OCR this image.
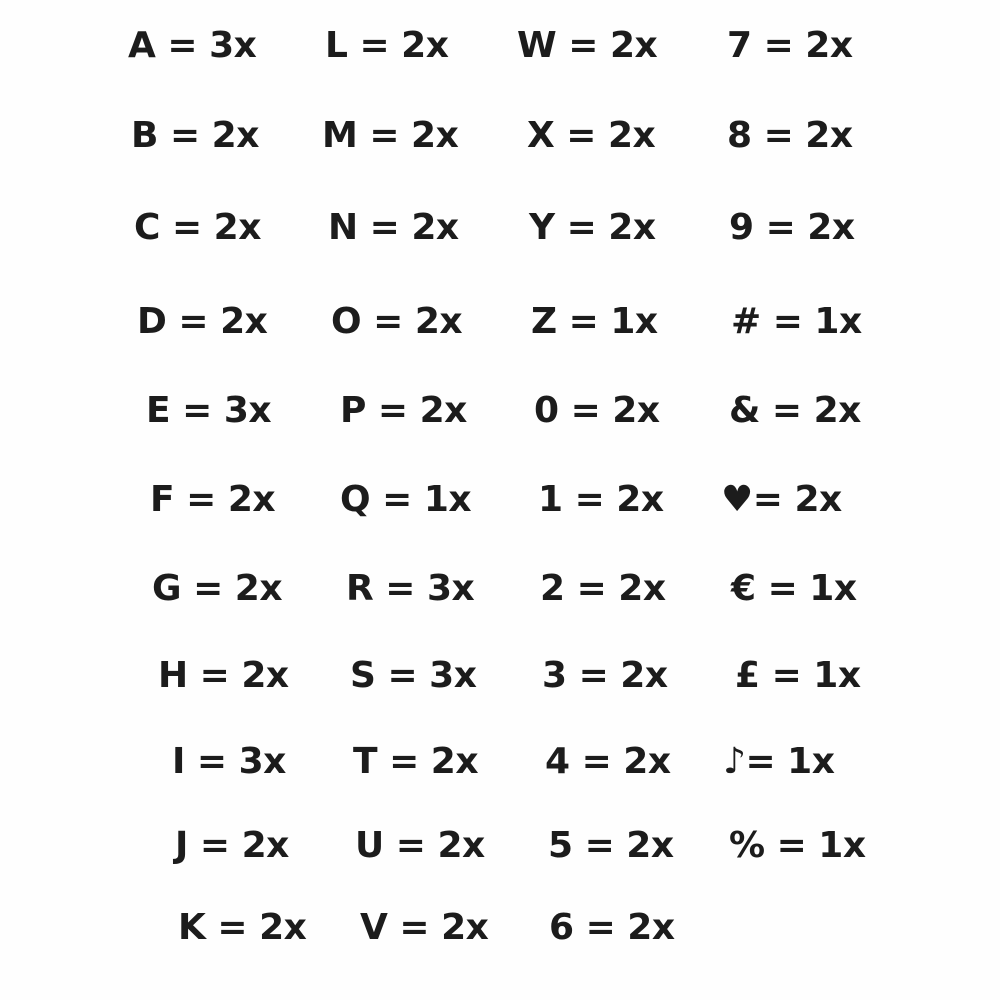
A = 3x
B = 2x
C = 2x
D = 2x
E = 3x
F = 2x
G = 2x
H = 2x
I = 3x
J = 2x
K = 2x
L = 2x
M = 2x
N = 2x
O = 2x
P = 2x
Q = 1x
R = 3x
S = 3x
T = 2x
U = 2x
V = 2x
W = 2x
X = 2x
Y = 2x
Z = 1x
0 = 2x
1 = 2x
2 = 2x
3 = 2x
4 = 2x
5 = 2x
6 = 2x
7 = 2x
8 = 2x
9 = 2x
# = 1x
& = 2x
♥= 2x
€ = 1x
£ = 1x
♪= 1x
% = 1x
